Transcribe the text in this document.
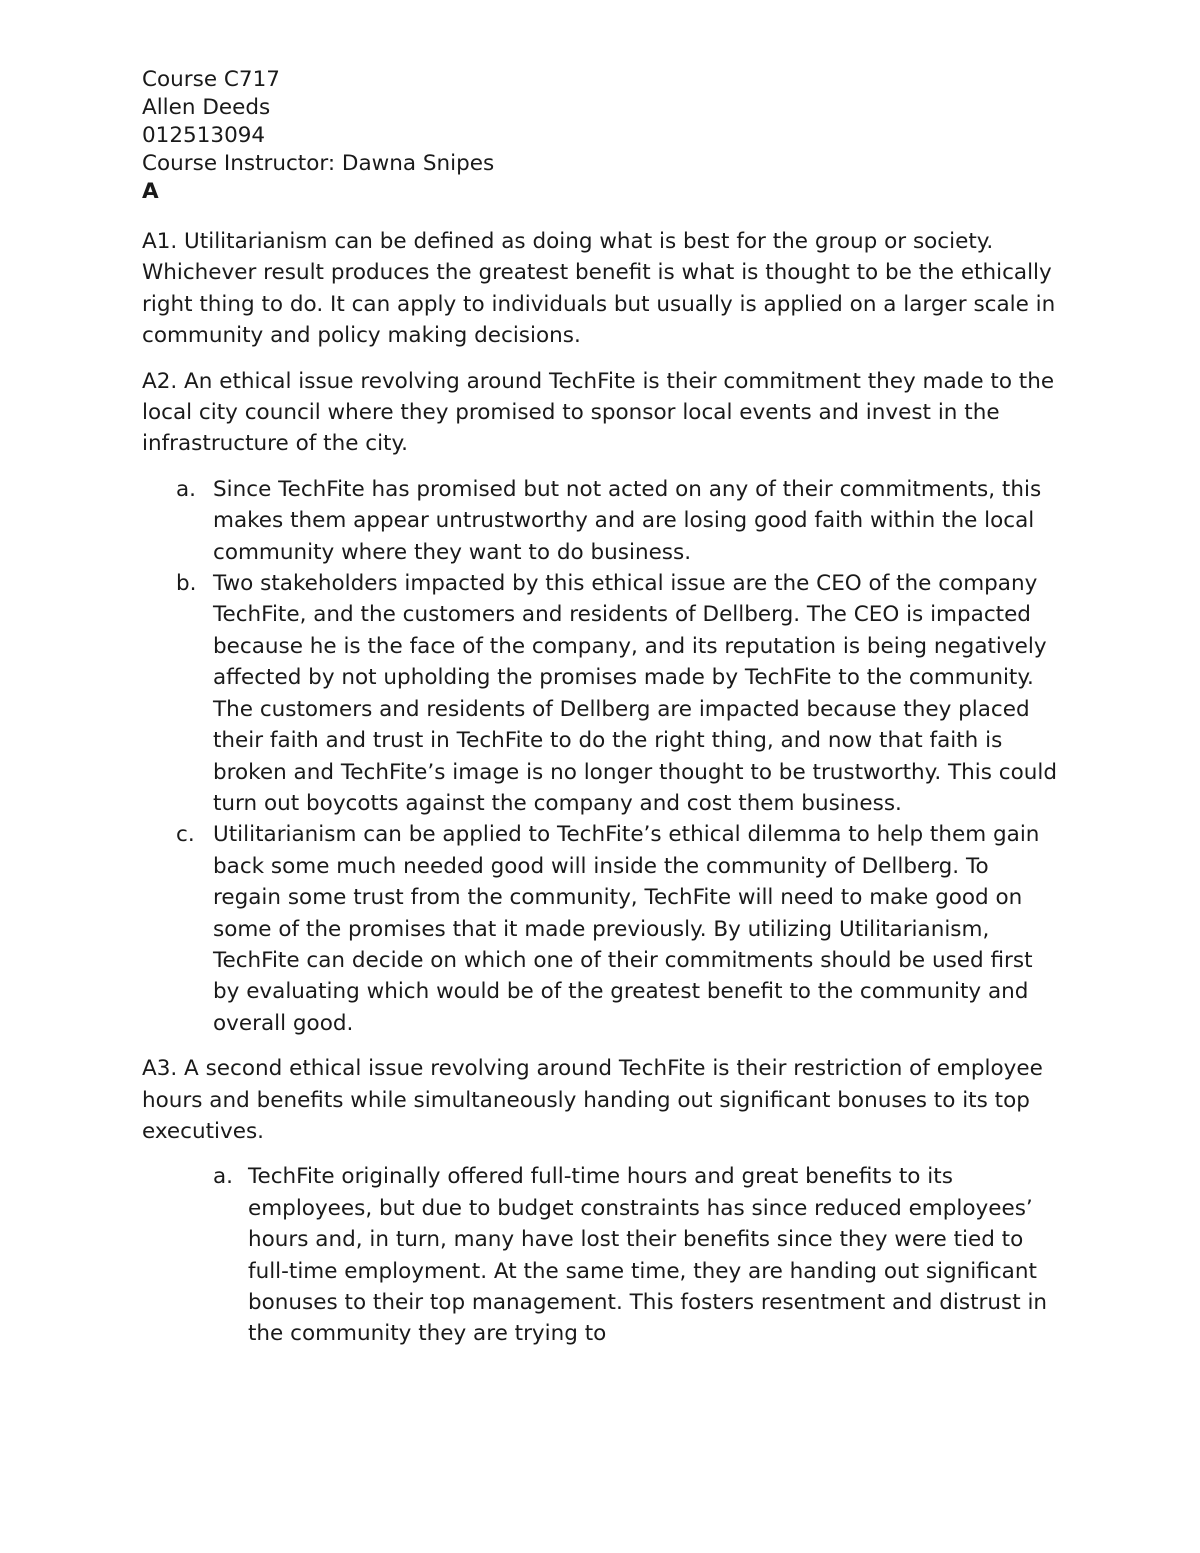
Course C717
Allen Deeds
012513094
Course Instructor: Dawna Snipes
A

A1. Utilitarianism can be defined as doing what is best for the group or society. Whichever result produces the greatest benefit is what is thought to be the ethically right thing to do. It can apply to individuals but usually is applied on a larger scale in community and policy making decisions.

A2. An ethical issue revolving around TechFite is their commitment they made to the local city council where they promised to sponsor local events and invest in the infrastructure of the city.

a. Since TechFite has promised but not acted on any of their commitments, this makes them appear untrustworthy and are losing good faith within the local community where they want to do business.
b. Two stakeholders impacted by this ethical issue are the CEO of the company TechFite, and the customers and residents of Dellberg. The CEO is impacted because he is the face of the company, and its reputation is being negatively affected by not upholding the promises made by TechFite to the community. The customers and residents of Dellberg are impacted because they placed their faith and trust in TechFite to do the right thing, and now that faith is broken and TechFite’s image is no longer thought to be trustworthy. This could turn out boycotts against the company and cost them business.
c. Utilitarianism can be applied to TechFite’s ethical dilemma to help them gain back some much needed good will inside the community of Dellberg. To regain some trust from the community, TechFite will need to make good on some of the promises that it made previously. By utilizing Utilitarianism, TechFite can decide on which one of their commitments should be used first by evaluating which would be of the greatest benefit to the community and overall good.

A3. A second ethical issue revolving around TechFite is their restriction of employee hours and benefits while simultaneously handing out significant bonuses to its top executives.

a. TechFite originally offered full-time hours and great benefits to its employees, but due to budget constraints has since reduced employees’ hours and, in turn, many have lost their benefits since they were tied to full-time employment. At the same time, they are handing out significant bonuses to their top management. This fosters resentment and distrust in the community they are trying to
